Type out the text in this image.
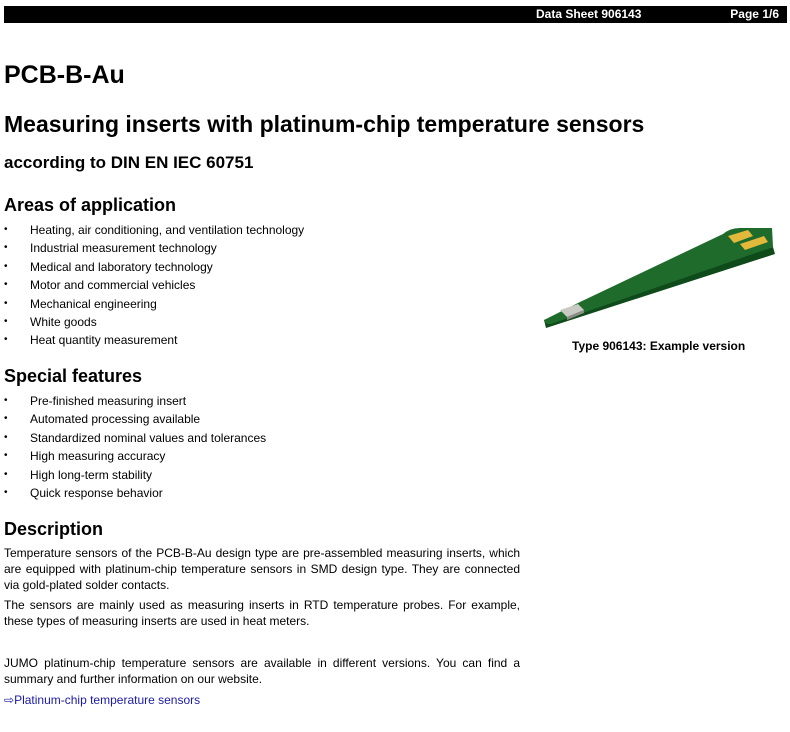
Data Sheet 906143	Page 1/6
PCB-B-Au
Measuring inserts with platinum-chip temperature sensors
according to DIN EN IEC 60751
Areas of application
• Heating, air conditioning, and ventilation technology
• Industrial measurement technology
• Medical and laboratory technology
• Motor and commercial vehicles
• Mechanical engineering
• White goods
• Heat quantity measurement
Special features
• Pre-finished measuring insert
• Automated processing available
• Standardized nominal values and tolerances
• High measuring accuracy
• High long-term stability
• Quick response behavior
Description

Temperature sensors of the PCB-B-Au design type are pre-assembled measuring inserts, which are equipped with platinum-chip temperature sensors in SMD design type. They are connected via gold-plated solder contacts.

The sensors are mainly used as measuring inserts in RTD temperature probes. For example, these types of measuring inserts are used in heat meters.

JUMO platinum-chip temperature sensors are available in different versions. You can find a summary and further information on our website.

⇨Platinum-chip temperature sensors
Type 906143: Example version
